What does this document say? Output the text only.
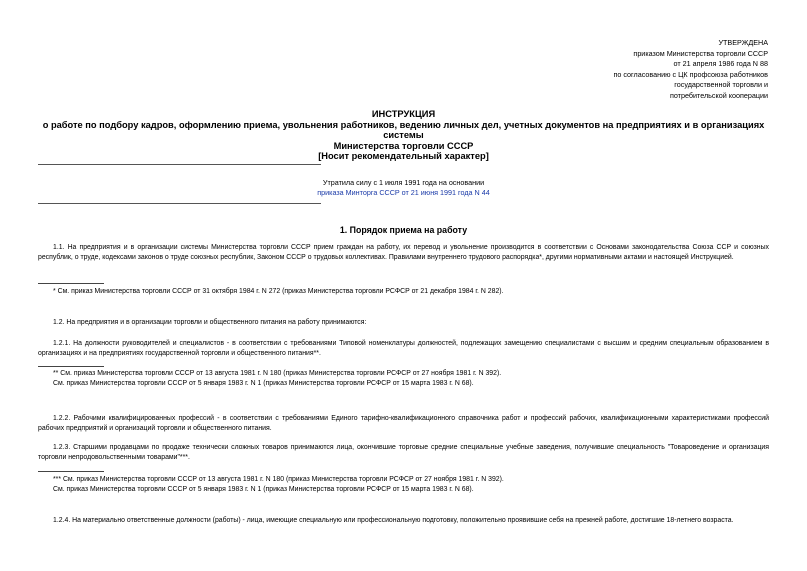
УТВЕРЖДЕНА
приказом Министерства торговли СССР
от 21 апреля 1986 года N 88
по согласованию с ЦК профсоюза работников
государственной торговли и
потребительской кооперации
ИНСТРУКЦИЯ
о работе по подбору кадров, оформлению приема, увольнения работников, ведению личных дел, учетных документов на предприятиях и в организациях системы
Министерства торговли СССР
[Носит рекомендательный характер]
Утратила силу с 1 июля 1991 года на основании
приказа Минторга СССР от 21 июня 1991 года N 44
1. Порядок приема на работу
1.1. На предприятия и в организации системы Министерства торговли СССР прием граждан на работу, их перевод и увольнение производится в соответствии с Основами законодательства Союза ССР и союзных республик, о труде, кодексами законов о труде союзных республик, Законом СССР о трудовых коллективах. Правилами внутреннего трудового распорядка*, другими нормативными актами и настоящей Инструкцией.
* См. приказ Министерства торговли СССР от 31 октября 1984 г. N 272 (приказ Министерства торговли РСФСР от 21 декабря 1984 г. N 282).
1.2. На предприятия и в организации торговли и общественного питания на работу принимаются:
1.2.1. На должности руководителей и специалистов - в соответствии с требованиями Типовой номенклатуры должностей, подлежащих замещению специалистами с высшим и средним специальным образованием в организациях и на предприятиях государственной торговли и общественного питания**.
** См. приказ Министерства торговли СССР от 13 августа 1981 г. N 180 (приказ Министерства торговли РСФСР от 27 ноября 1981 г. N 392).
См. приказ Министерства торговли СССР от 5 января 1983 г. N 1 (приказ Министерства торговли РСФСР от 15 марта 1983 г. N 68).
1.2.2. Рабочими квалифицированных профессий - в соответствии с требованиями Единого тарифно-квалификационного справочника работ и профессий рабочих, квалификационными характеристиками профессий рабочих предприятий и организаций торговли и общественного питания.
1.2.3. Старшими продавцами по продаже технически сложных товаров принимаются лица, окончившие торговые средние специальные учебные заведения, получившие специальность "Товароведение и организация торговли непродовольственными товарами"***.
*** См. приказ Министерства торговли СССР от 13 августа 1981 г. N 180 (приказ Министерства торговли РСФСР от 27 ноября 1981 г. N 392).
См. приказ Министерства торговли СССР от 5 января 1983 г. N 1 (приказ Министерства торговли РСФСР от 15 марта 1983 г. N 68).
1.2.4. На материально ответственные должности (работы) - лица, имеющие специальную или профессиональную подготовку, положительно проявившие себя на прежней работе, достигшие 18-летнего возраста.
